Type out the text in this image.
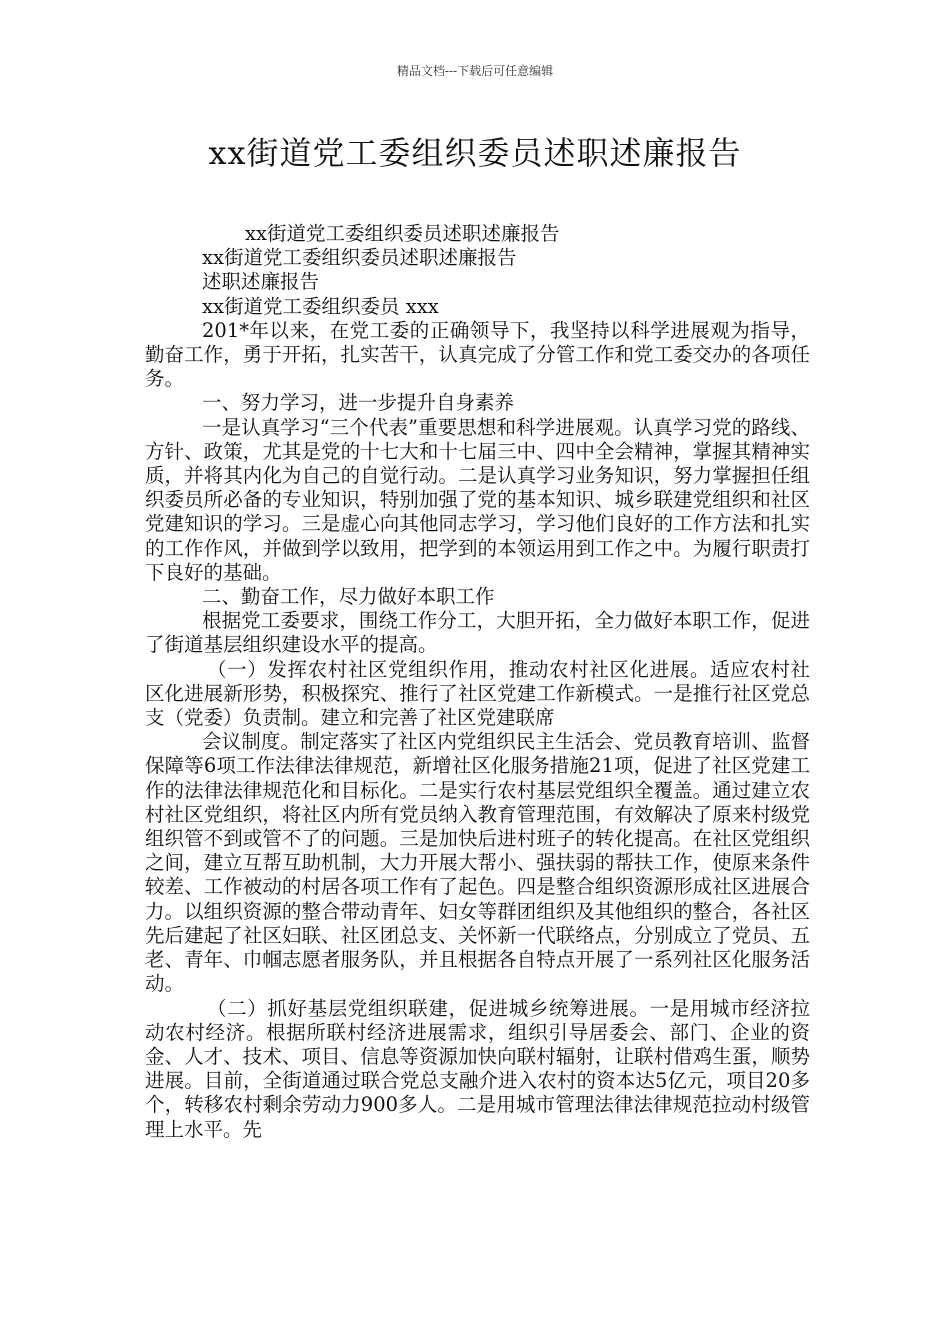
精品文档---下载后可任意编辑
xx街道党工委组织委员述职述廉报告

xx街道党工委组织委员述职述廉报告

xx街道党工委组织委员述职述廉报告

述职述廉报告

xx街道党工委组织委员 xxx

201*年以来，在党工委的正确领导下，我坚持以科学进展观为指导，勤奋工作，勇于开拓，扎实苦干，认真完成了分管工作和党工委交办的各项任务。

一、努力学习，进一步提升自身素养

一是认真学习“三个代表”重要思想和科学进展观。认真学习党的路线、方针、政策，尤其是党的十七大和十七届三中、四中全会精神，掌握其精神实质，并将其内化为自己的自觉行动。二是认真学习业务知识，努力掌握担任组织委员所必备的专业知识，特别加强了党的基本知识、城乡联建党组织和社区党建知识的学习。三是虚心向其他同志学习，学习他们良好的工作方法和扎实的工作作风，并做到学以致用，把学到的本领运用到工作之中。为履行职责打下良好的基础。

二、勤奋工作，尽力做好本职工作

根据党工委要求，围绕工作分工，大胆开拓，全力做好本职工作，促进了街道基层组织建设水平的提高。

（一）发挥农村社区党组织作用，推动农村社区化进展。适应农村社区化进展新形势，积极探究、推行了社区党建工作新模式。一是推行社区党总支（党委）负责制。建立和完善了社区党建联席

会议制度。制定落实了社区内党组织民主生活会、党员教育培训、监督保障等6项工作法律法律规范，新增社区化服务措施21项，促进了社区党建工作的法律法律规范化和目标化。二是实行农村基层党组织全覆盖。通过建立农村社区党组织，将社区内所有党员纳入教育管理范围，有效解决了原来村级党组织管不到或管不了的问题。三是加快后进村班子的转化提高。在社区党组织之间，建立互帮互助机制，大力开展大帮小、强扶弱的帮扶工作，使原来条件较差、工作被动的村居各项工作有了起色。四是整合组织资源形成社区进展合力。以组织资源的整合带动青年、妇女等群团组织及其他组织的整合，各社区先后建起了社区妇联、社区团总支、关怀新一代联络点，分别成立了党员、五老、青年、巾帼志愿者服务队，并且根据各自特点开展了一系列社区化服务活动。

（二）抓好基层党组织联建，促进城乡统筹进展。一是用城市经济拉动农村经济。根据所联村经济进展需求，组织引导居委会、部门、企业的资金、人才、技术、项目、信息等资源加快向联村辐射，让联村借鸡生蛋，顺势进展。目前，全街道通过联合党总支融介进入农村的资本达5亿元，项目20多个，转移农村剩余劳动力900多人。二是用城市管理法律法律规范拉动村级管理上水平。先
